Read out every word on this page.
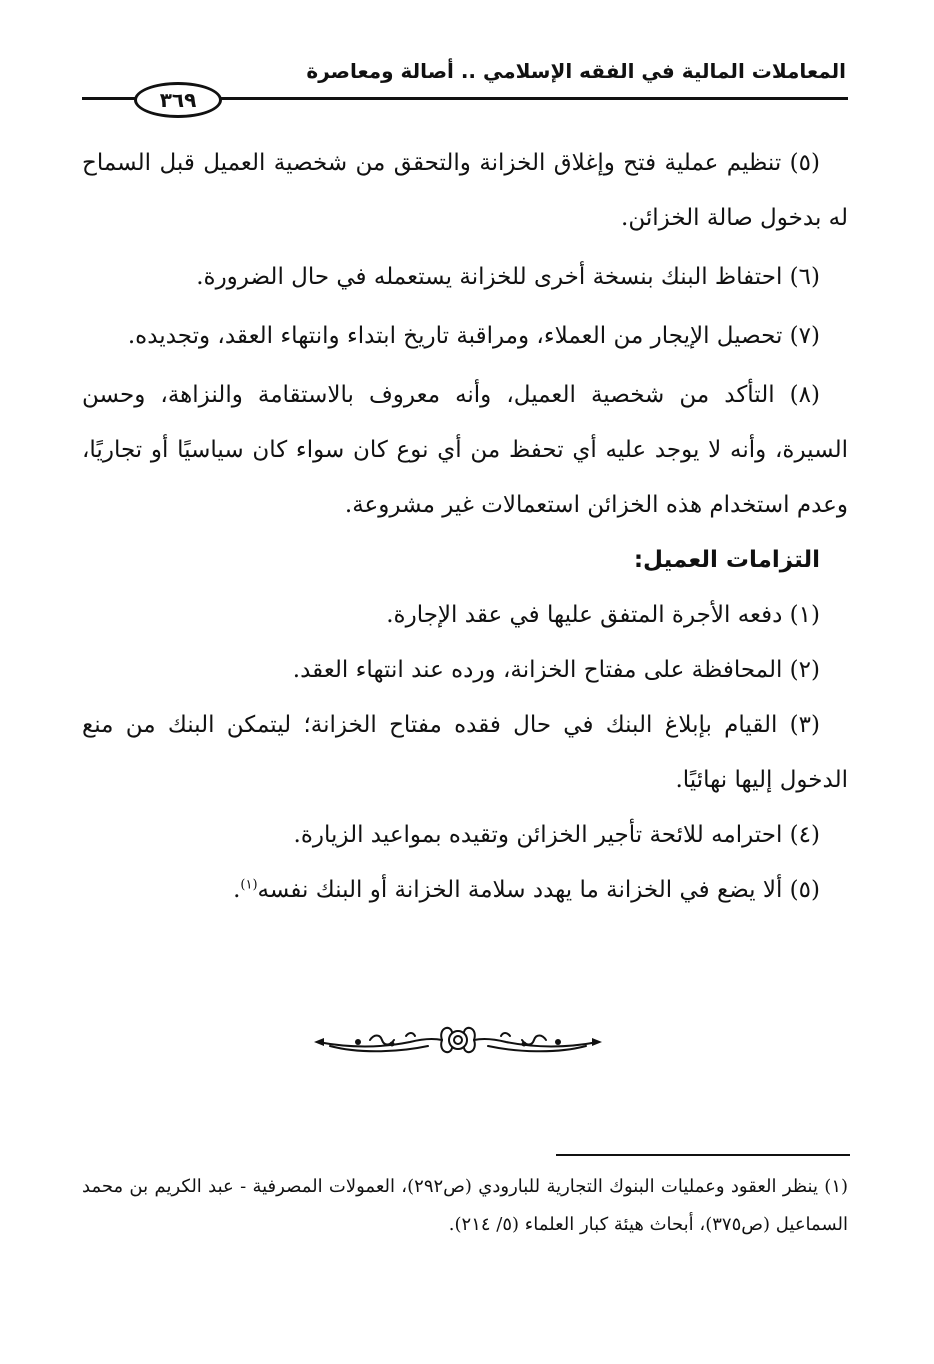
المعاملات المالية في الفقه الإسلامي .. أصالة ومعاصرة
٣٦٩

(٥) تنظيم عملية فتح وإغلاق الخزانة والتحقق من شخصية العميل قبل السماح له بدخول صالة الخزائن.

(٦) احتفاظ البنك بنسخة أخرى للخزانة يستعمله في حال الضرورة.

(٧) تحصيل الإيجار من العملاء، ومراقبة تاريخ ابتداء وانتهاء العقد، وتجديده.

(٨) التأكد من شخصية العميل، وأنه معروف بالاستقامة والنزاهة، وحسن السيرة، وأنه لا يوجد عليه أي تحفظ من أي نوع كان سواء كان سياسيًا أو تجاريًا، وعدم استخدام هذه الخزائن استعمالات غير مشروعة.

التزامات العميل:

(١) دفعه الأجرة المتفق عليها في عقد الإجارة.

(٢) المحافظة على مفتاح الخزانة، ورده عند انتهاء العقد.

(٣) القيام بإبلاغ البنك في حال فقده مفتاح الخزانة؛ ليتمكن البنك من منع الدخول إليها نهائيًا.

(٤) احترامه للائحة تأجير الخزائن وتقيده بمواعيد الزيارة.

(٥) ألا يضع في الخزانة ما يهدد سلامة الخزانة أو البنك نفسه$^{(١)}$.

(١) ينظر العقود وعمليات البنوك التجارية للبارودي (ص٢٩٢)، العمولات المصرفية - عبد الكريم بن محمد السماعيل (ص٣٧٥)، أبحاث هيئة كبار العلماء (٥/ ٢١٤).
